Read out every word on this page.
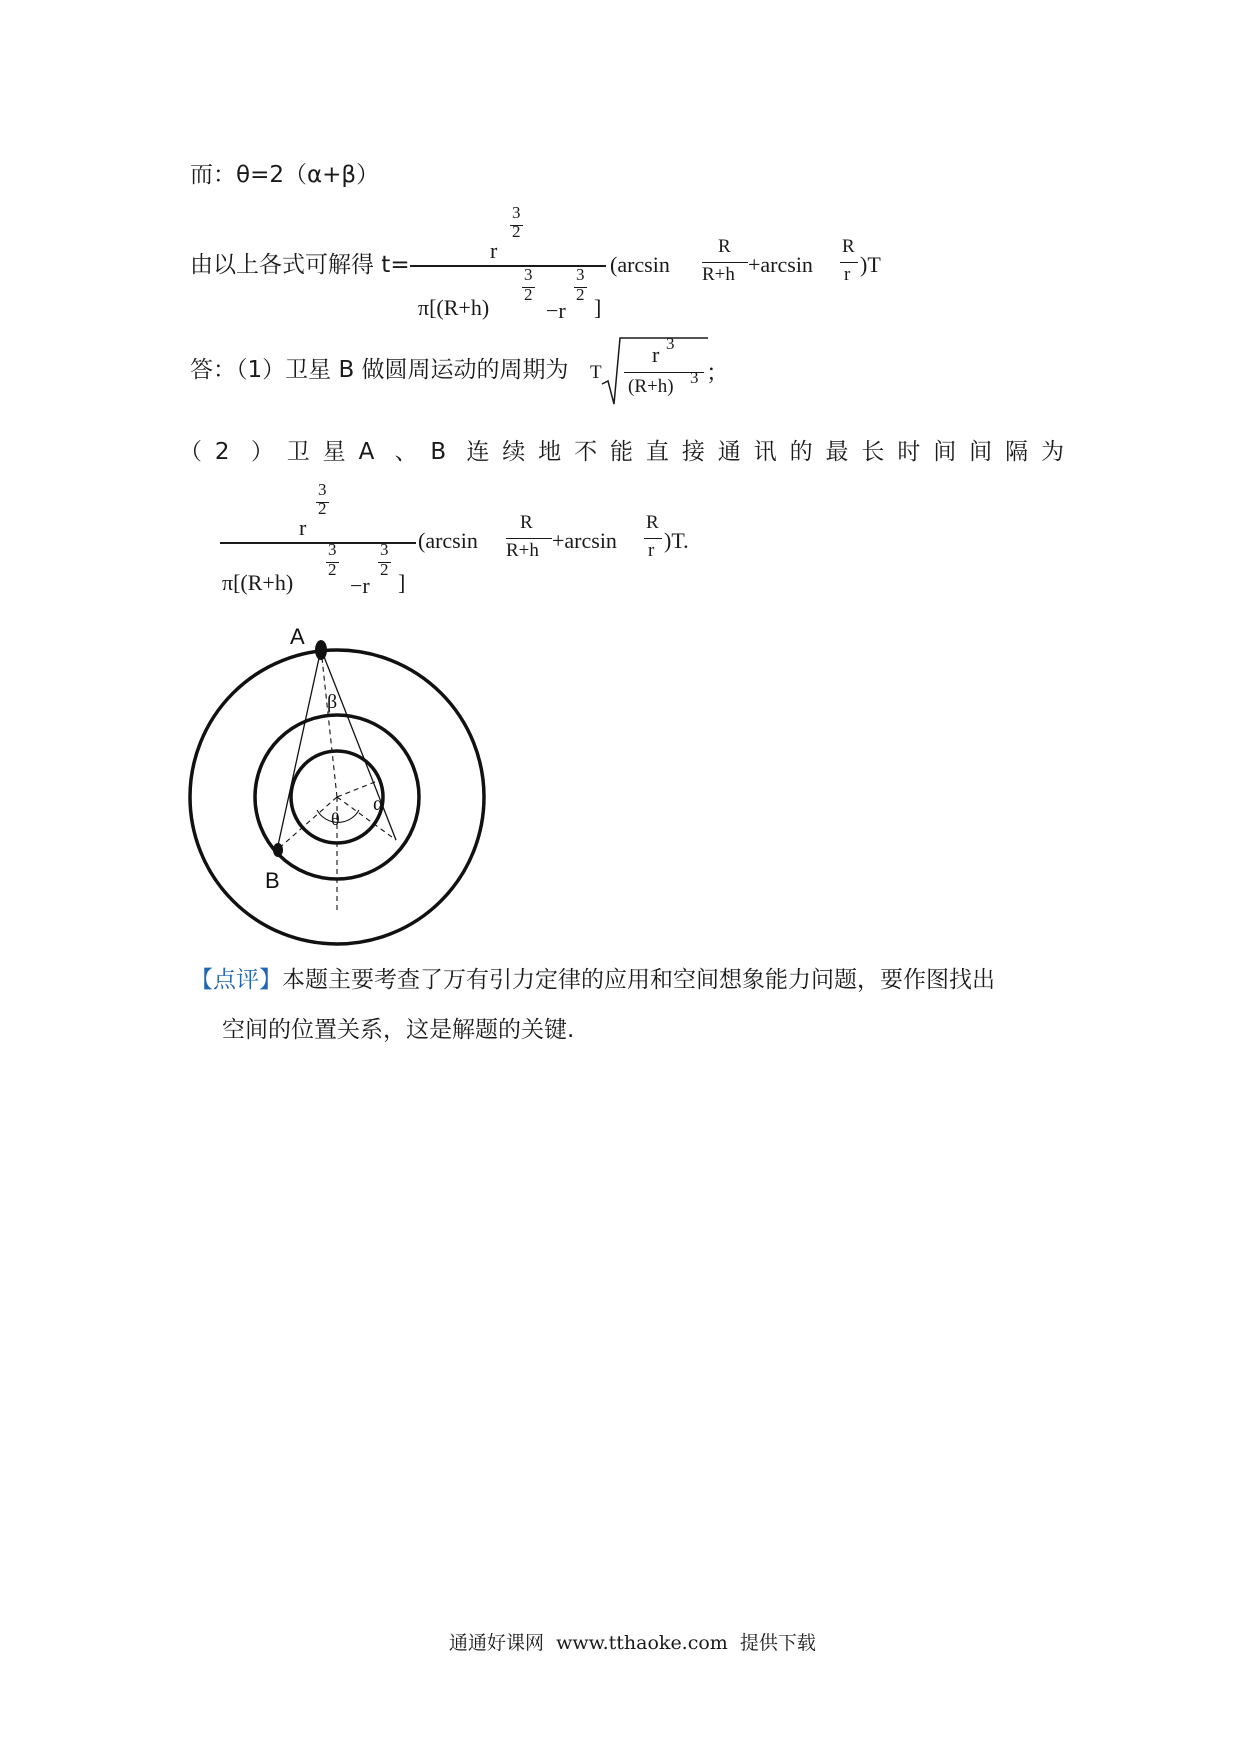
而：θ=2（α+β）
由以上各式可解得 t=
r
3
2
π[(R+h)
3
2
−r
3
2
]
(arcsin
R
R+h +arcsin
R
r )T
答：（1）卫星 B 做圆周运动的周期为 T
r 3
(R+h) 3 ；
（ 2 ） 卫 星 A 、 B 连 续 地 不 能 直 接 通 讯 的 最 长 时 间 间 隔 为
r
3
2
π[(R+h)
3
2
−r
3
2
]
(arcsin
R
R+h +arcsin
R
r )T.
A
B
β
α
θ
【点评】本题主要考查了万有引力定律的应用和空间想象能力问题，要作图找出
空间的位置关系，这是解题的关键.
通通好课网  www.tthaoke.com  提供下载
